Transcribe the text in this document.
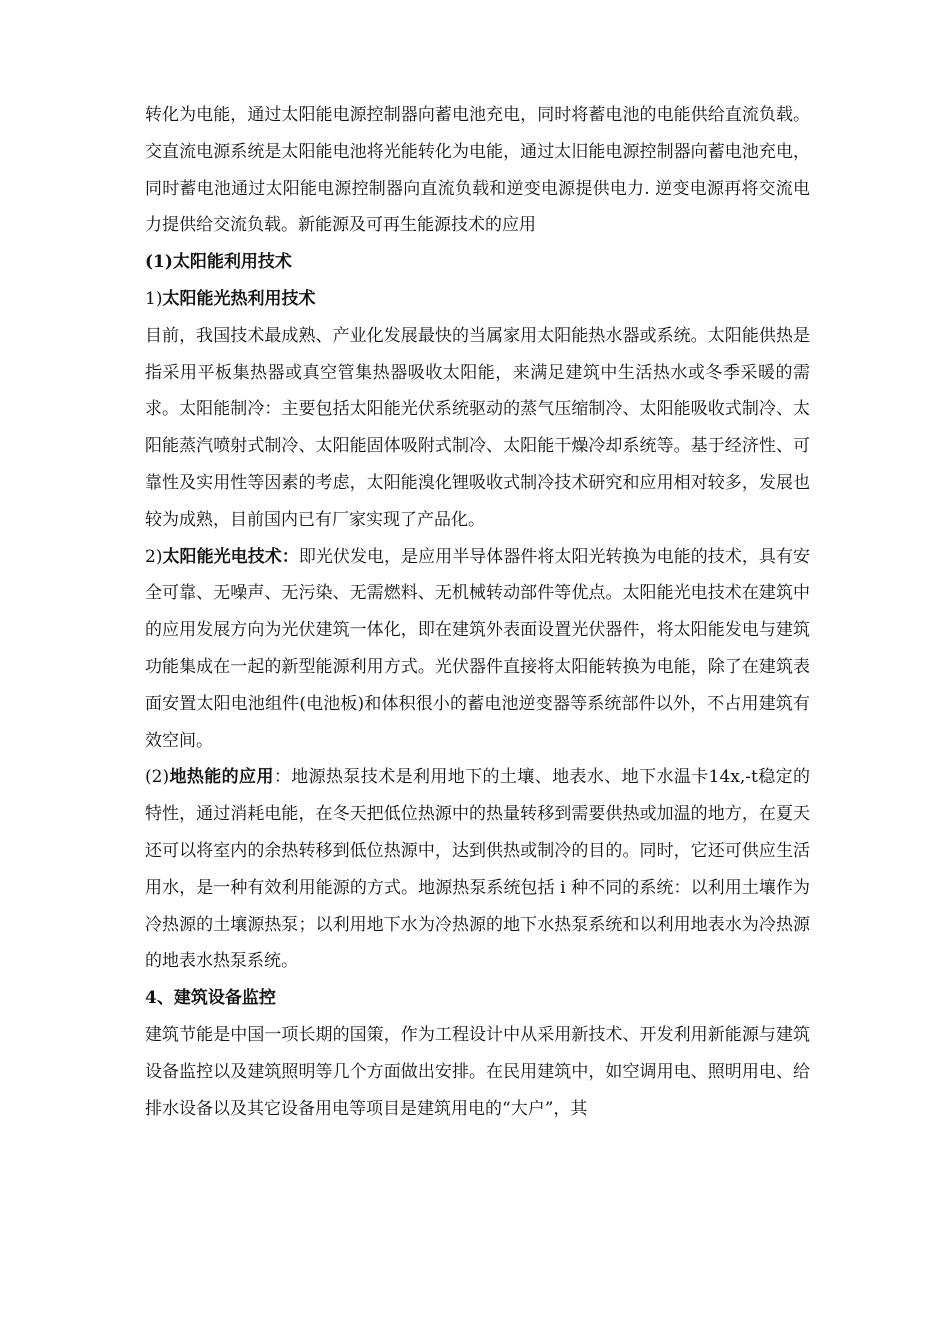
转化为电能，通过太阳能电源控制器向蓄电池充电，同时将蓄电池的电能供给直流负载。交直流电源系统是太阳能电池将光能转化为电能，通过太旧能电源控制器向蓄电池充电，同时蓄电池通过太阳能电源控制器向直流负载和逆变电源提供电力. 逆变电源再将交流电力提供给交流负载。新能源及可再生能源技术的应用

(1)太阳能利用技术

1)太阳能光热利用技术

目前，我国技术最成熟、产业化发展最快的当属家用太阳能热水器或系统。太阳能供热是指采用平板集热器或真空管集热器吸收太阳能，来满足建筑中生活热水或冬季采暖的需求。太阳能制冷：主要包括太阳能光伏系统驱动的蒸气压缩制冷、太阳能吸收式制冷、太阳能蒸汽喷射式制冷、太阳能固体吸附式制冷、太阳能干燥冷却系统等。基于经济性、可靠性及实用性等因素的考虑，太阳能溴化锂吸收式制冷技术研究和应用相对较多，发展也较为成熟，目前国内已有厂家实现了产品化。

2)太阳能光电技术：即光伏发电，是应用半导体器件将太阳光转换为电能的技术，具有安全可靠、无噪声、无污染、无需燃料、无机械转动部件等优点。太阳能光电技术在建筑中的应用发展方向为光伏建筑一体化，即在建筑外表面设置光伏器件，将太阳能发电与建筑功能集成在一起的新型能源利用方式。光伏器件直接将太阳能转换为电能，除了在建筑表面安置太阳电池组件(电池板)和体积很小的蓄电池逆变器等系统部件以外，不占用建筑有效空间。

(2)地热能的应用：地源热泵技术是利用地下的土壤、地表水、地下水温卡14x,-t稳定的特性，通过消耗电能，在冬天把低位热源中的热量转移到需要供热或加温的地方，在夏天还可以将室内的余热转移到低位热源中，达到供热或制冷的目的。同时，它还可供应生活用水，是一种有效利用能源的方式。地源热泵系统包括 i 种不同的系统：以利用土壤作为冷热源的土壤源热泵；以利用地下水为冷热源的地下水热泵系统和以利用地表水为冷热源的地表水热泵系统。

4、建筑设备监控

建筑节能是中国一项长期的国策，作为工程设计中从采用新技术、开发利用新能源与建筑设备监控以及建筑照明等几个方面做出安排。在民用建筑中，如空调用电、照明用电、给排水设备以及其它设备用电等项目是建筑用电的“大户”，其
